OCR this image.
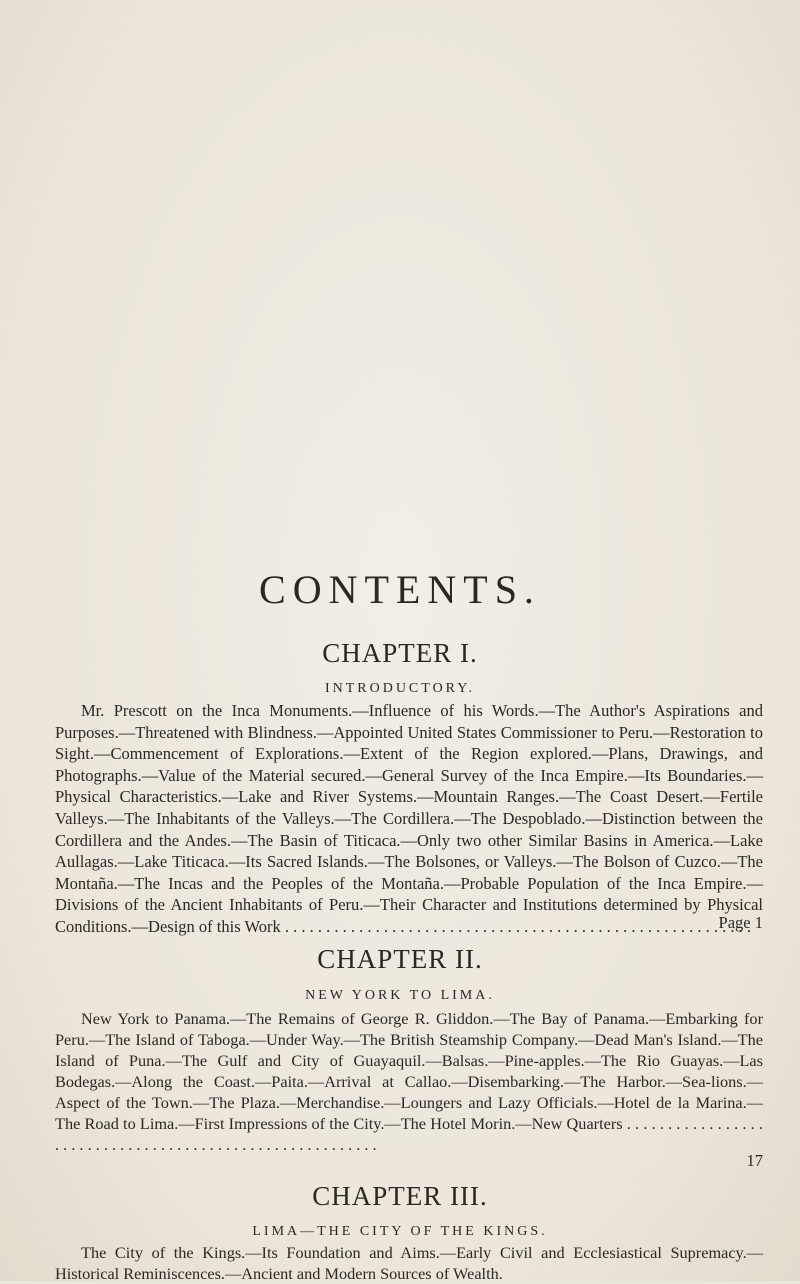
CONTENTS.
CHAPTER I.
INTRODUCTORY.

Mr. Prescott on the Inca Monuments.—Influence of his Words.—The Author's Aspirations and Purposes.—Threatened with Blindness.—Appointed United States Commissioner to Peru.—Restoration to Sight.—Commencement of Explorations.—Extent of the Region explored.—Plans, Drawings, and Photographs.—Value of the Material secured.—General Survey of the Inca Empire.—Its Boundaries.—Physical Characteristics.—Lake and River Systems.—Mountain Ranges.—The Coast Desert.—Fertile Valleys.—The Inhabitants of the Valleys.—The Cordillera.—The Despoblado.—Distinction between the Cordillera and the Andes.—The Basin of Titicaca.—Only two other Similar Basins in America.—Lake Aullagas.—Lake Titicaca.—Its Sacred Islands.—The Bolsones, or Valleys.—The Bolson of Cuzco.—The Montaña.—The Incas and the Peoples of the Montaña.—Probable Population of the Inca Empire.—Divisions of the Ancient Inhabitants of Peru.—Their Character and Institutions determined by Physical Conditions.—Design of this Work . . .	Page 1
CHAPTER II.
NEW YORK TO LIMA.

New York to Panama.—The Remains of George R. Gliddon.—The Bay of Panama.—Embarking for Peru.—The Island of Taboga.—Under Way.—The British Steamship Company.—Dead Man's Island.—The Island of Puna.—The Gulf and City of Guayaquil.—Balsas.—Pine-apples.—The Rio Guayas.—Las Bodegas.—Along the Coast.—Paita.—Arrival at Callao.—Disembarking.—The Harbor.—Sea-lions.—Aspect of the Town.—The Plaza.—Merchandise.—Loungers and Lazy Officials.—Hotel de la Marina.—The Road to Lima.—First Impressions of the City.—The Hotel Morin.—New Quarters . . .

17
CHAPTER III.
LIMA—THE CITY OF THE KINGS.

The City of the Kings.—Its Foundation and Aims.—Early Civil and Ecclesiastical Supremacy.—Historical Reminiscences.—Ancient and Modern Sources of Wealth.
